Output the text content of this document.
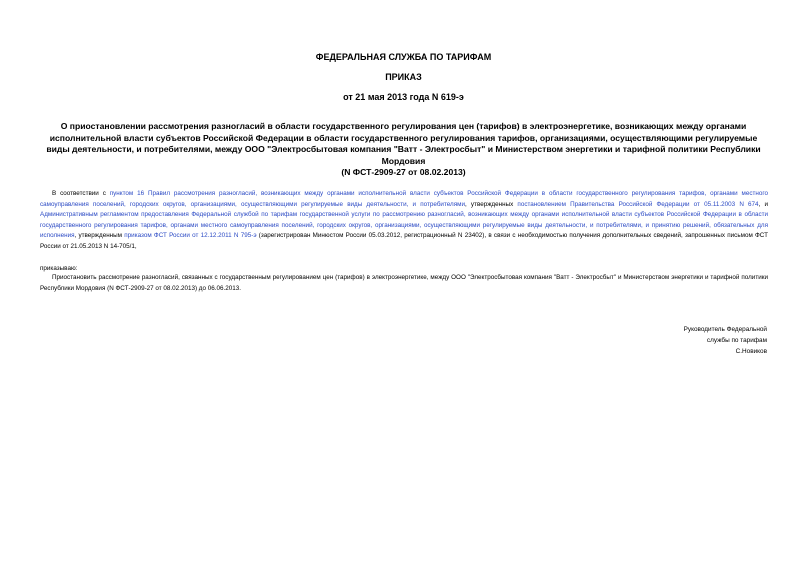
ФЕДЕРАЛЬНАЯ СЛУЖБА ПО ТАРИФАМ
ПРИКАЗ
от 21 мая 2013 года N 619-э
О приостановлении рассмотрения разногласий в области государственного регулирования цен (тарифов) в электроэнергетике, возникающих между органами исполнительной власти субъектов Российской Федерации в области государственного регулирования тарифов, организациями, осуществляющими регулируемые виды деятельности, и потребителями, между ООО "Электросбытовая компания "Ватт - Электросбыт" и Министерством энергетики и тарифной политики Республики Мордовия
(N ФСТ-2909-27 от 08.02.2013)
В соответствии с пунктом 16 Правил рассмотрения разногласий, возникающих между органами исполнительной власти субъектов Российской Федерации в области государственного регулирования тарифов, органами местного самоуправления поселений, городских округов, организациями, осуществляющими регулируемые виды деятельности, и потребителями, утвержденных постановлением Правительства Российской Федерации от 05.11.2003 N 674, и Административным регламентом предоставления Федеральной службой по тарифам государственной услуги по рассмотрению разногласий, возникающих между органами исполнительной власти субъектов Российской Федерации в области государственного регулирования тарифов, органами местного самоуправления поселений, городских округов, организациями, осуществляющими регулируемые виды деятельности, и потребителями, и принятию решений, обязательных для исполнения, утвержденным приказом ФСТ России от 12.12.2011 N 795-э (зарегистрирован Минюстом России 05.03.2012, регистрационный N 23402), в связи с необходимостью получения дополнительных сведений, запрошенных письмом ФСТ России от 21.05.2013 N 14-705/1,
приказываю:
Приостановить рассмотрение разногласий, связанных с государственным регулированием цен (тарифов) в электроэнергетике, между ООО "Электросбытовая компания "Ватт - Электросбыт" и Министерством энергетики и тарифной политики Республики Мордовия (N ФСТ-2909-27 от 08.02.2013) до 06.06.2013.
Руководитель Федеральной
службы по тарифам
С.Новиков
